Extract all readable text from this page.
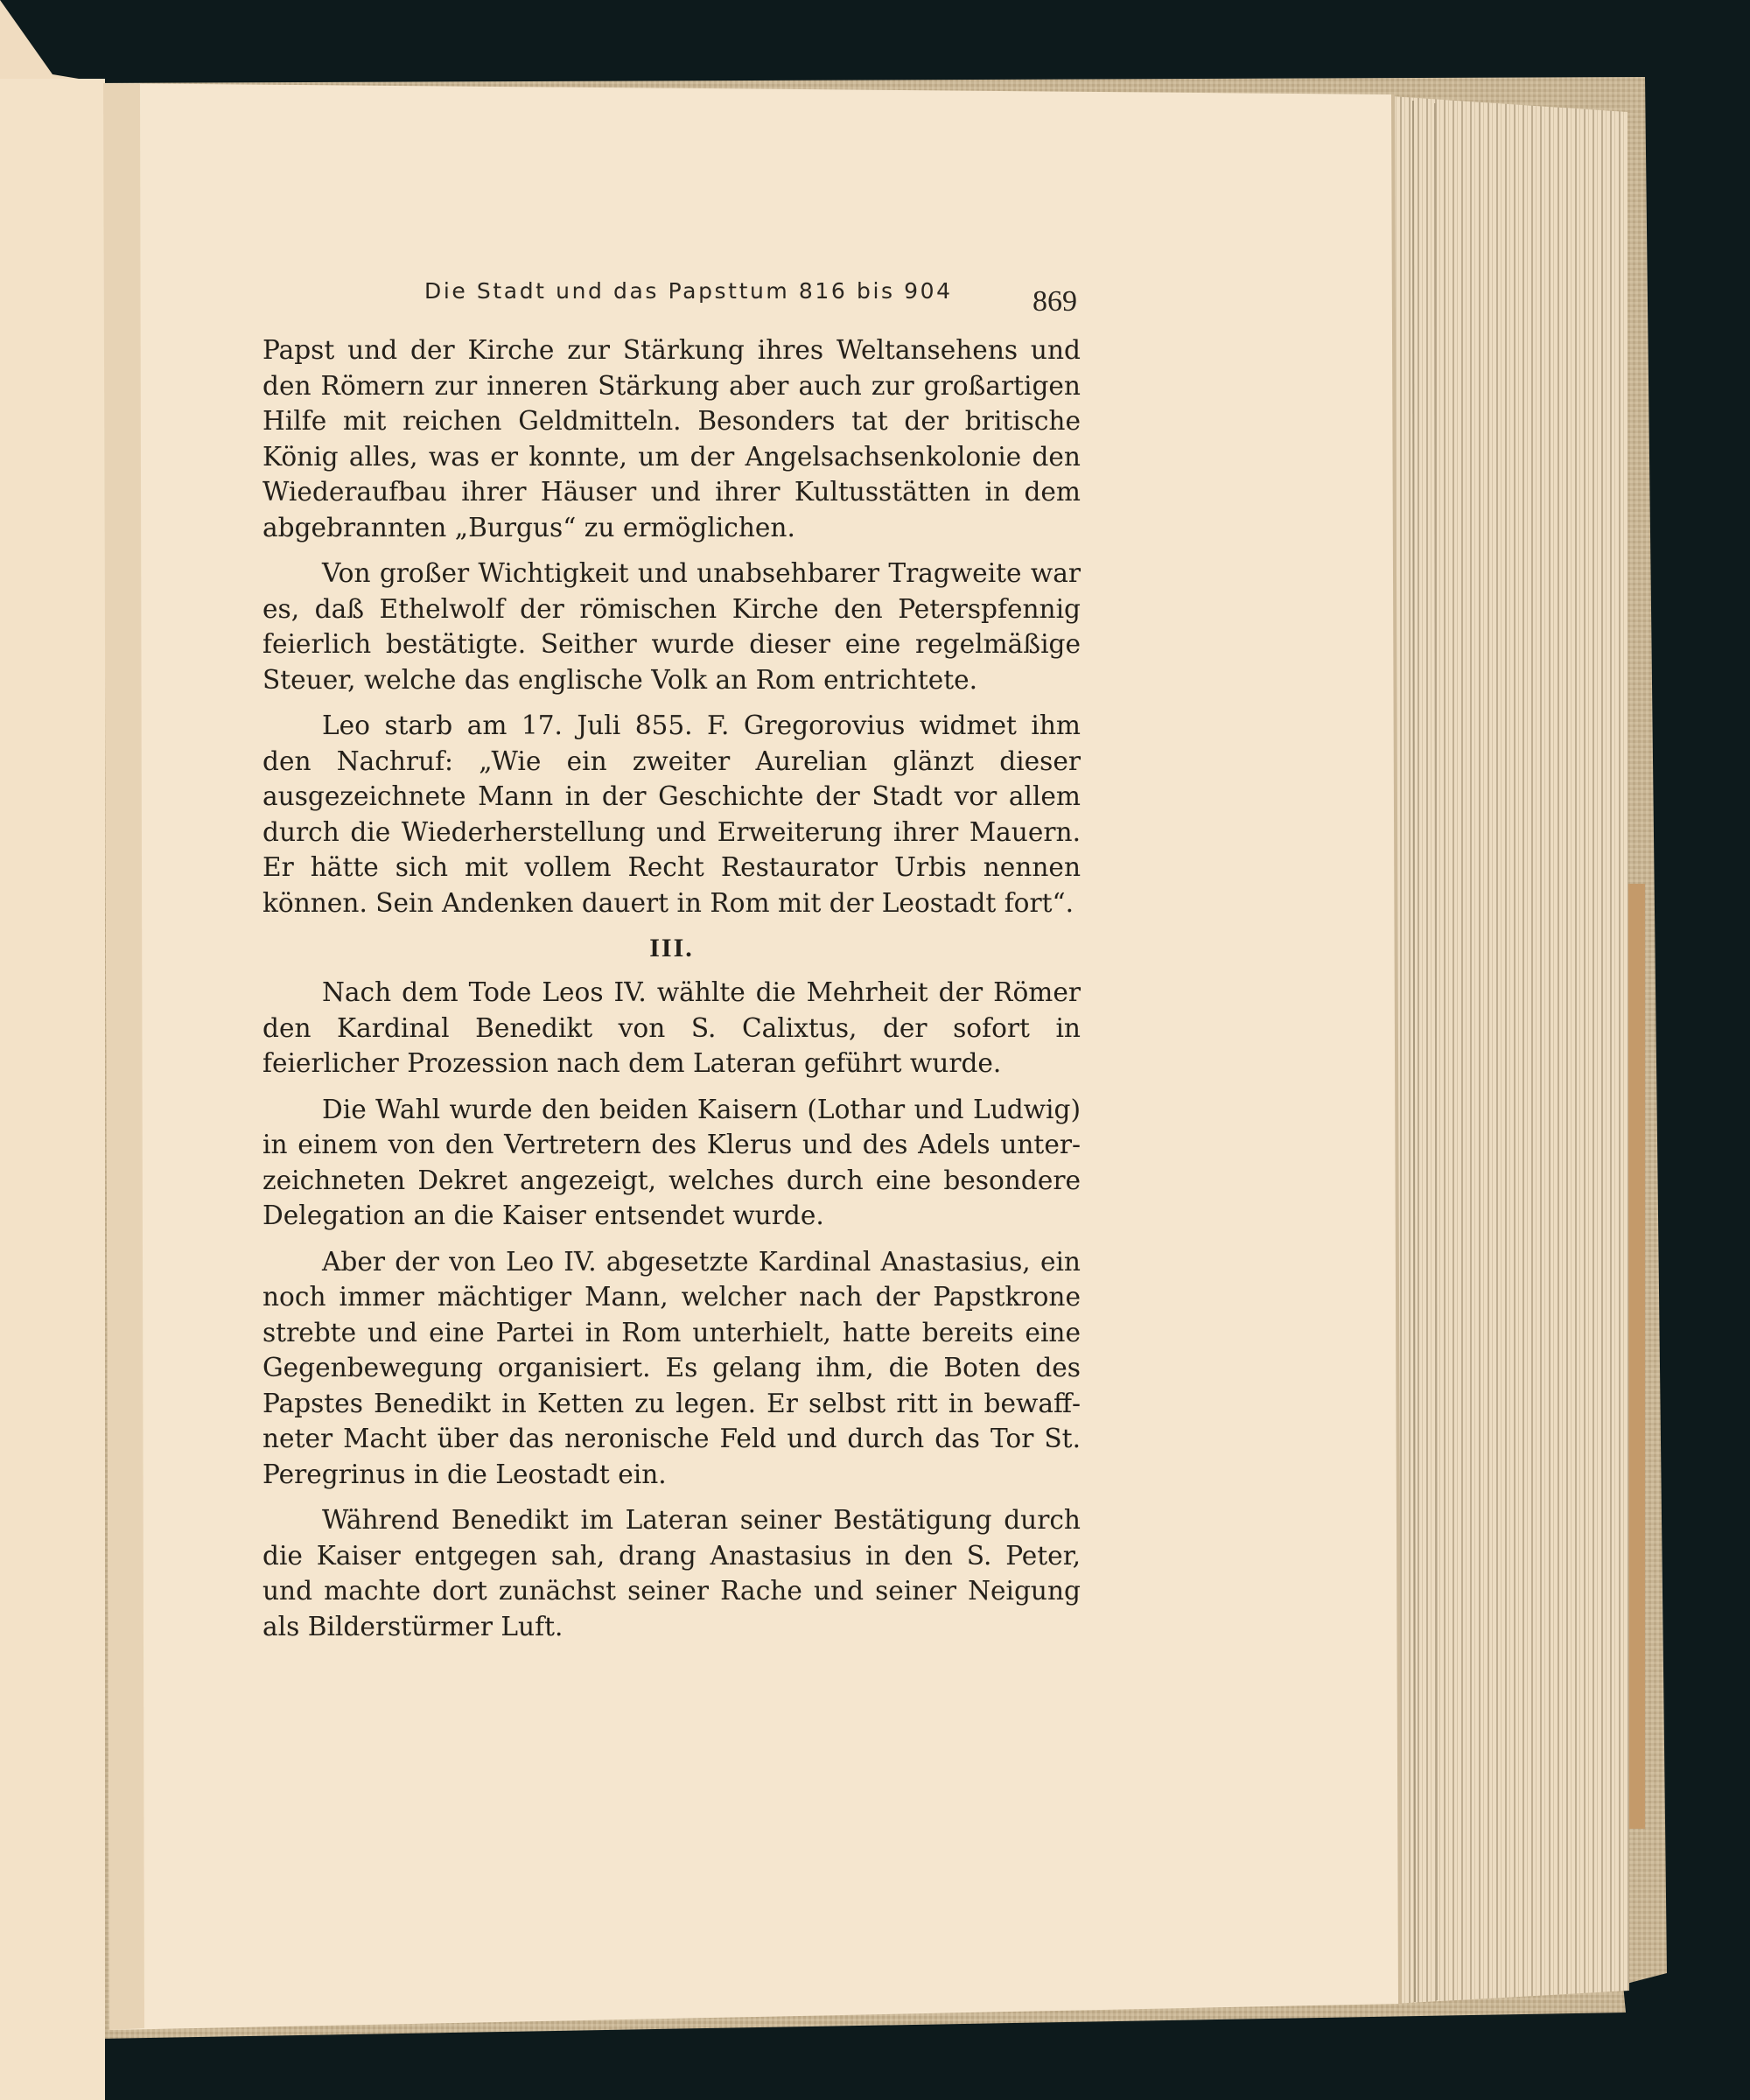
Die Stadt und das Papsttum 816 bis 904	869

Papst und der Kirche zur Stärkung ihres Weltansehens und den Römern zur inneren Stärkung aber auch zur großartigen Hilfe mit reichen Geldmitteln. Besonders tat der britische König alles, was er konnte, um der Angelsachsenkolonie den Wiederaufbau ihrer Häuser und ihrer Kultusstätten in dem abgebrannten „Burgus“ zu ermöglichen.

Von großer Wichtigkeit und unabsehbarer Tragweite war es, daß Ethelwolf der römischen Kirche den Peterspfennig feierlich bestätigte. Seither wurde dieser eine regelmäßige Steuer, welche das englische Volk an Rom entrichtete.

Leo starb am 17. Juli 855. F. Gregorovius widmet ihm den Nachruf: „Wie ein zweiter Aurelian glänzt dieser ausgezeichnete Mann in der Geschichte der Stadt vor allem durch die Wiederherstellung und Erweiterung ihrer Mauern. Er hätte sich mit vollem Recht Restaurator Urbis nennen können. Sein Andenken dauert in Rom mit der Leostadt fort“.

III.

Nach dem Tode Leos IV. wählte die Mehrheit der Römer den Kardinal Benedikt von S. Calixtus, der sofort in feierlicher Prozession nach dem Lateran geführt wurde.

Die Wahl wurde den beiden Kaisern (Lothar und Ludwig) in einem von den Vertretern des Klerus und des Adels unterzeichneten Dekret angezeigt, welches durch eine besondere Delegation an die Kaiser entsendet wurde.

Aber der von Leo IV. abgesetzte Kardinal Anastasius, ein noch immer mächtiger Mann, welcher nach der Papstkrone strebte und eine Partei in Rom unterhielt, hatte bereits eine Gegenbewegung organisiert. Es gelang ihm, die Boten des Papstes Benedikt in Ketten zu legen. Er selbst ritt in bewaffneter Macht über das neronische Feld und durch das Tor St. Peregrinus in die Leostadt ein.

Während Benedikt im Lateran seiner Bestätigung durch die Kaiser entgegen sah, drang Anastasius in den S. Peter, und machte dort zunächst seiner Rache und seiner Neigung als Bilderstürmer Luft.
